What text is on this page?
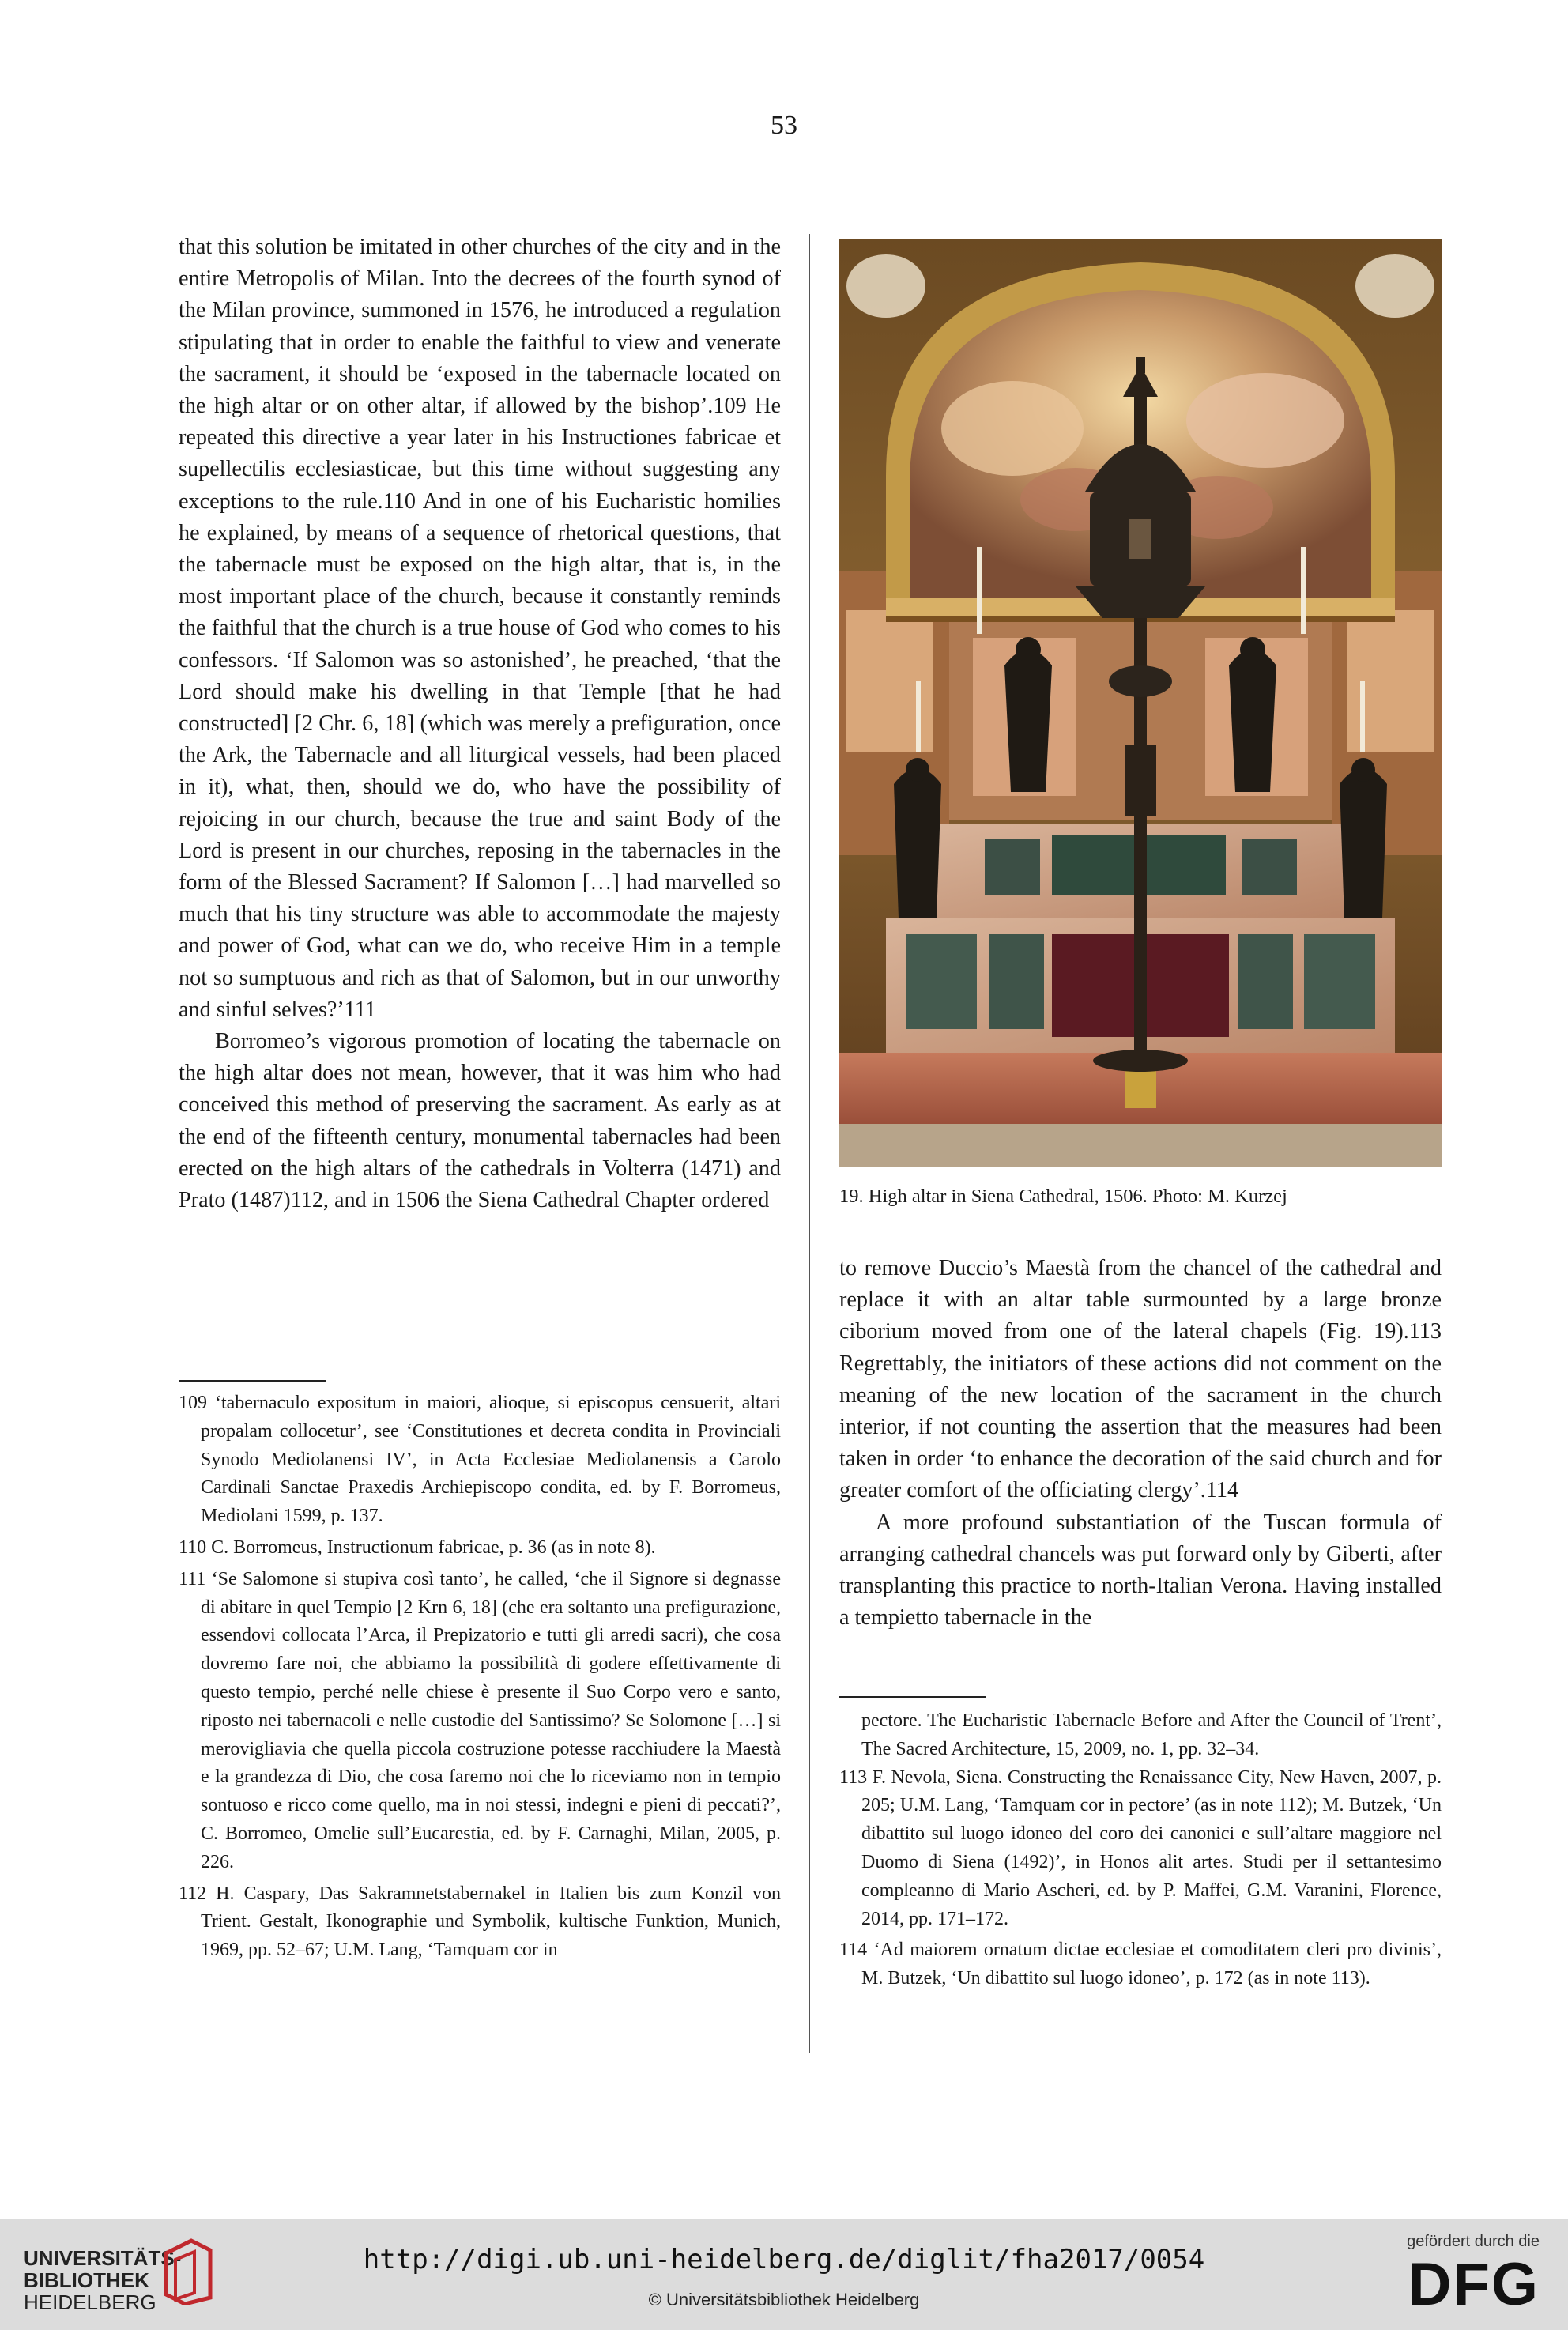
53

that this solution be imitated in other churches of the city and in the entire Metropolis of Milan. Into the decrees of the fourth synod of the Milan province, summoned in 1576, he introduced a regulation stipulating that in order to enable the faithful to view and venerate the sacrament, it should be ‘exposed in the tabernacle located on the high altar or on other altar, if allowed by the bishop’.109 He repeated this directive a year later in his Instructiones fabricae et supellectilis ecclesiasticae, but this time without suggesting any exceptions to the rule.110 And in one of his Eucharistic homilies he explained, by means of a sequence of rhetorical questions, that the tabernacle must be exposed on the high altar, that is, in the most important place of the church, because it constantly reminds the faithful that the church is a true house of God who comes to his confessors. ‘If Salomon was so astonished’, he preached, ‘that the Lord should make his dwelling in that Temple [that he had constructed] [2 Chr. 6, 18] (which was merely a prefiguration, once the Ark, the Tabernacle and all liturgical vessels, had been placed in it), what, then, should we do, who have the possibility of rejoicing in our church, because the true and saint Body of the Lord is present in our churches, reposing in the tabernacles in the form of the Blessed Sacrament? If Salomon […] had marvelled so much that his tiny structure was able to accommodate the majesty and power of God, what can we do, who receive Him in a temple not so sumptuous and rich as that of Salomon, but in our unworthy and sinful selves?’111

Borromeo’s vigorous promotion of locating the tabernacle on the high altar does not mean, however, that it was him who had conceived this method of preserving the sacrament. As early as at the end of the fifteenth century, monumental tabernacles had been erected on the high altars of the cathedrals in Volterra (1471) and Prato (1487)112, and in 1506 the Siena Cathedral Chapter ordered

109 ‘tabernaculo expositum in maiori, alioque, si episcopus censuerit, altari propalam collocetur’, see ‘Constitutiones et decreta condita in Provinciali Synodo Mediolanensi IV’, in Acta Ecclesiae Mediolanensis a Carolo Cardinali Sanctae Praxedis Archiepiscopo condita, ed. by F. Borromeus, Mediolani 1599, p. 137.

110 C. Borromeus, Instructionum fabricae, p. 36 (as in note 8).

111 ‘Se Salomone si stupiva così tanto’, he called, ‘che il Signore si degnasse di abitare in quel Tempio [2 Krn 6, 18] (che era soltanto una prefigurazione, essendovi collocata l’Arca, il Prepizatorio e tutti gli arredi sacri), che cosa dovremo fare noi, che abbiamo la possibilità di godere effettivamente di questo tempio, perché nelle chiese è presente il Suo Corpo vero e santo, riposto nei tabernacoli e nelle custodie del Santissimo? Se Solomone […] si merovigliavia che quella piccola costruzione potesse racchiudere la Maestà e la grandezza di Dio, che cosa faremo noi che lo riceviamo non in tempio sontuoso e ricco come quello, ma in noi stessi, indegni e pieni di peccati?’, C. Borromeo, Omelie sull’Eucarestia, ed. by F. Carnaghi, Milan, 2005, p. 226.

112 H. Caspary, Das Sakramnetstabernakel in Italien bis zum Konzil von Trient. Gestalt, Ikonographie und Symbolik, kultische Funktion, Munich, 1969, pp. 52–67; U.M. Lang, ‘Tamquam cor in

19. High altar in Siena Cathedral, 1506. Photo: M. Kurzej

to remove Duccio’s Maestà from the chancel of the cathedral and replace it with an altar table surmounted by a large bronze ciborium moved from one of the lateral chapels (Fig. 19).113 Regrettably, the initiators of these actions did not comment on the meaning of the new location of the sacrament in the church interior, if not counting the assertion that the measures had been taken in order ‘to enhance the decoration of the said church and for greater comfort of the officiating clergy’.114

A more profound substantiation of the Tuscan formula of arranging cathedral chancels was put forward only by Giberti, after transplanting this practice to north-Italian Verona. Having installed a tempietto tabernacle in the

pectore. The Eucharistic Tabernacle Before and After the Council of Trent’, The Sacred Architecture, 15, 2009, no. 1, pp. 32–34.

113 F. Nevola, Siena. Constructing the Renaissance City, New Haven, 2007, p. 205; U.M. Lang, ‘Tamquam cor in pectore’ (as in note 112); M. Butzek, ‘Un dibattito sul luogo idoneo del coro dei canonici e sull’altare maggiore nel Duomo di Siena (1492)’, in Honos alit artes. Studi per il settantesimo compleanno di Mario Ascheri, ed. by P. Maffei, G.M. Varanini, Florence, 2014, pp. 171–172.

114 ‘Ad maiorem ornatum dictae ecclesiae et comoditatem cleri pro divinis’, M. Butzek, ‘Un dibattito sul luogo idoneo’, p. 172 (as in note 113).

UNIVERSITÄTS-
BIBLIOTHEK
HEIDELBERG
http://digi.ub.uni-heidelberg.de/diglit/fha2017/0054
© Universitätsbibliothek Heidelberg
gefördert durch die
DFG
